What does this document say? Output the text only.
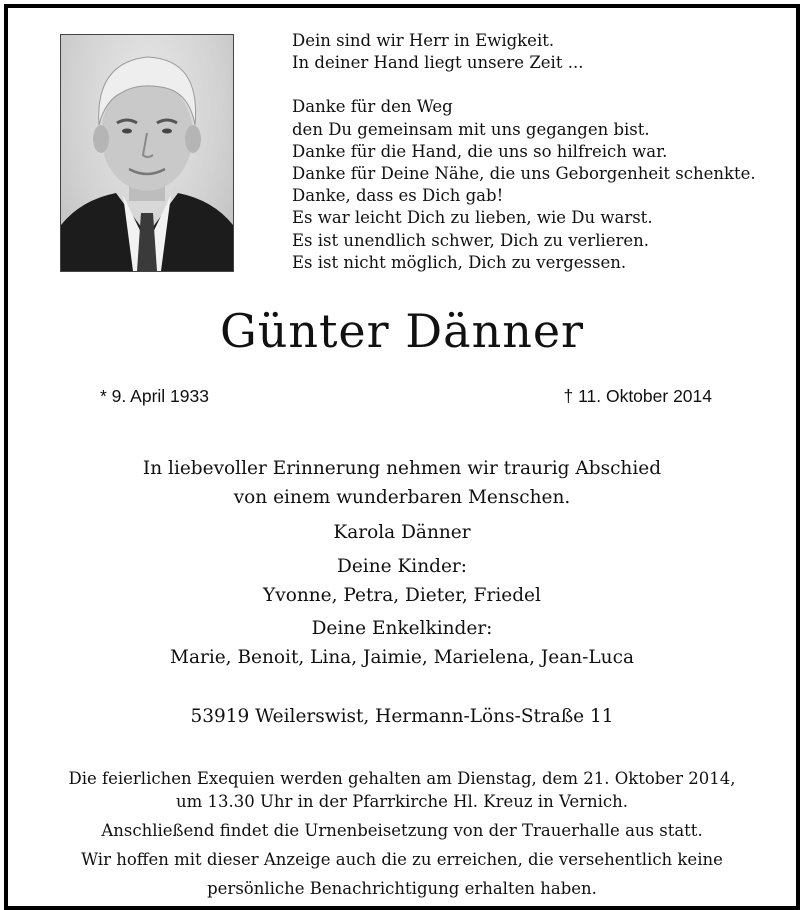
Dein sind wir Herr in Ewigkeit.
In deiner Hand liegt unsere Zeit ...
Danke für den Weg
den Du gemeinsam mit uns gegangen bist.
Danke für die Hand, die uns so hilfreich war.
Danke für Deine Nähe, die uns Geborgenheit schenkte.
Danke, dass es Dich gab!
Es war leicht Dich zu lieben, wie Du warst.
Es ist unendlich schwer, Dich zu verlieren.
Es ist nicht möglich, Dich zu vergessen.
Günter Dänner
* 9. April 1933	† 11. Oktober 2014
In liebevoller Erinnerung nehmen wir traurig Abschied
von einem wunderbaren Menschen.
Karola Dänner
Deine Kinder:
Yvonne, Petra, Dieter, Friedel
Deine Enkelkinder:
Marie, Benoit, Lina, Jaimie, Marielena, Jean-Luca
53919 Weilerswist, Hermann-Löns-Straße 11
Die feierlichen Exequien werden gehalten am Dienstag, dem 21. Oktober 2014,
um 13.30 Uhr in der Pfarrkirche Hl. Kreuz in Vernich.
Anschließend findet die Urnenbeisetzung von der Trauerhalle aus statt.
Wir hoffen mit dieser Anzeige auch die zu erreichen, die versehentlich keine
persönliche Benachrichtigung erhalten haben.
